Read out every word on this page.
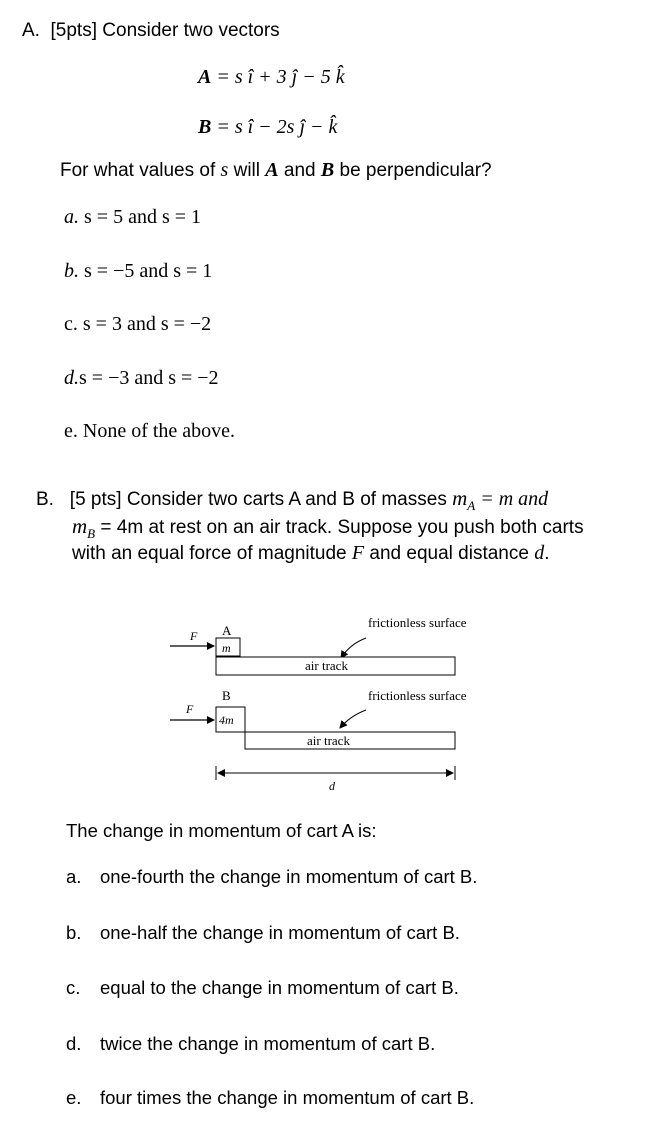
A. [5pts] Consider two vectors
A = s î + 3 ĵ − 5 k̂
B = s î − 2s ĵ − k̂
For what values of s will A and B be perpendicular?
a. s = 5 and s = 1
b. s = −5 and s = 1
c. s = 3 and s = −2
d.s = −3 and s = −2
e. None of the above.
B. [5 pts] Consider two carts A and B of masses $m_A = m$ and
$m_B = 4m$ at rest on an air track. Suppose you push both carts
with an equal force of magnitude F and equal distance d.
frictionless surface
F A
m
air track
frictionless surface
B
F
4m
air track
d
The change in momentum of cart A is:
a. one-fourth the change in momentum of cart B.
b. one-half the change in momentum of cart B.
c. equal to the change in momentum of cart B.
d. twice the change in momentum of cart B.
e. four times the change in momentum of cart B.
